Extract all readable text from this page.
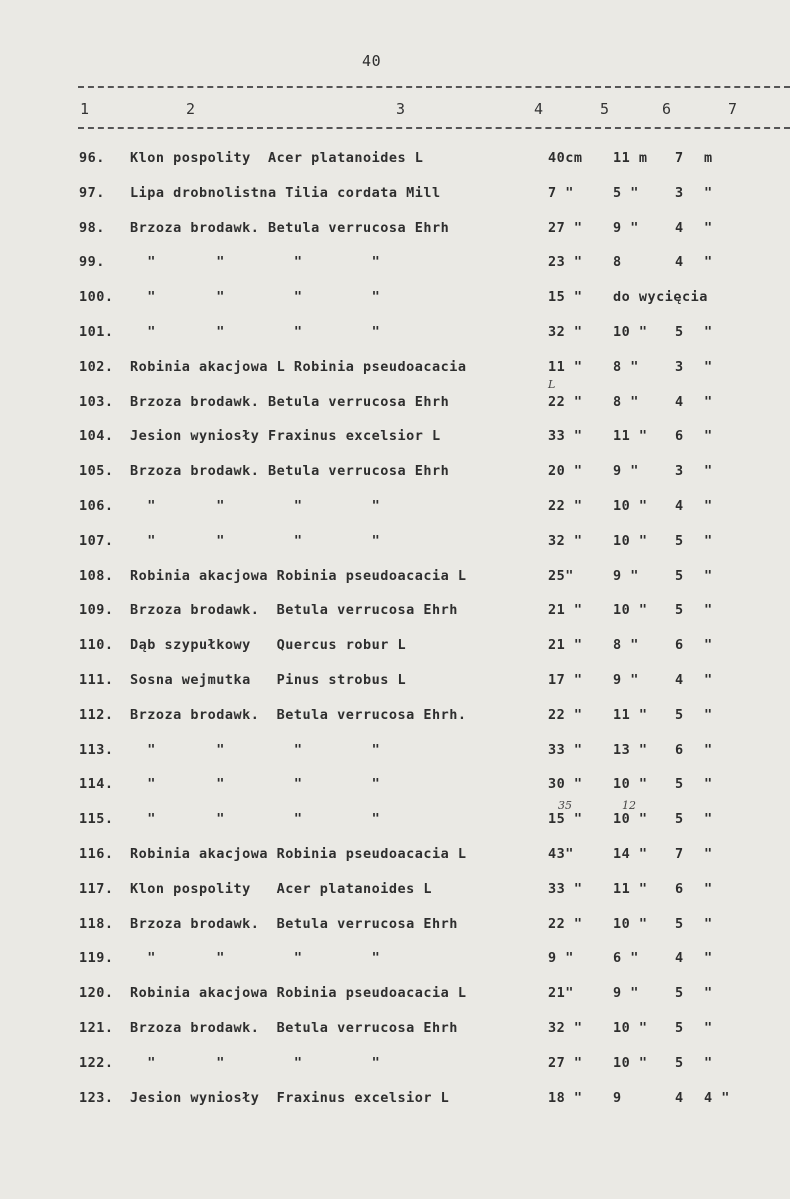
40
1	2	3	4	5	6	7
96. Klon pospolity  Acer platanoides L	40cm 11 m 7 m
97. Lipa drobnolistna Tilia cordata Mill	7 "	5 "	3 "
98. Brzoza brodawk. Betula verrucosa Ehrh	27 " 9 "	4 "
99. "       "        "        "	23 " 8	4 "
100. "       "        "        "	15 " do wycięcia
101. "       "        "        "	32 " 10 " 5 "
102. Robinia akacjowa L Robinia pseudoacacia	11 " 8 "	3 "
103. Brzoza brodawk. Betula verrucosa Ehrh	22 " 8 "	4 "
104. Jesion wyniosły Fraxinus excelsior L	33 " 11 " 6 "
105. Brzoza brodawk. Betula verrucosa Ehrh	20 " 9 "	3 "
106. "       "        "        "	22 " 10 " 4 "
107. "       "        "        "	32 " 10 " 5 "
108. Robinia akacjowa Robinia pseudoacacia L	25"	9 "	5 "
109. Brzoza brodawk.  Betula verrucosa Ehrh	21 " 10 " 5 "
110. Dąb szypułkowy   Quercus robur L	21 " 8 "	6 "
111. Sosna wejmutka   Pinus strobus L	17 " 9 "	4 "
112. Brzoza brodawk.  Betula verrucosa Ehrh.	22 " 11 " 5 "
113. "       "        "        "	33 " 13 " 6 "
114. "       "        "        "	30 " 10 " 5 "
115. "       "        "        "	15 " 10 " 5 "
116. Robinia akacjowa Robinia pseudoacacia L	43"	14 " 7 "
117. Klon pospolity   Acer platanoides L	33 " 11 " 6 "
118. Brzoza brodawk.  Betula verrucosa Ehrh	22 " 10 " 5 "
119. "       "        "        "	9 "	6 "	4 "
120. Robinia akacjowa Robinia pseudoacacia L	21"	9 "	5 "
121. Brzoza brodawk.  Betula verrucosa Ehrh	32 " 10 " 5 "
122. "       "        "        "	27 " 10 " 5 "
123. Jesion wyniosły  Fraxinus excelsior L	18 " 9	4 4 "
L
35	12
